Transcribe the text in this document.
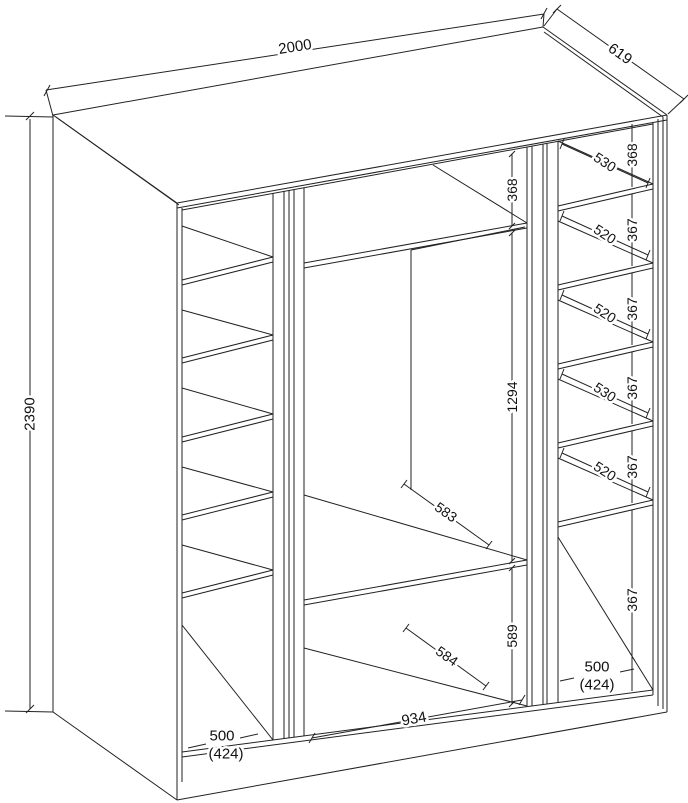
2000	619
2390
368
1294
583
589
584
934
500
(424)
530
520
520
530
520
500
(424)
368
367
367
367
367
367
